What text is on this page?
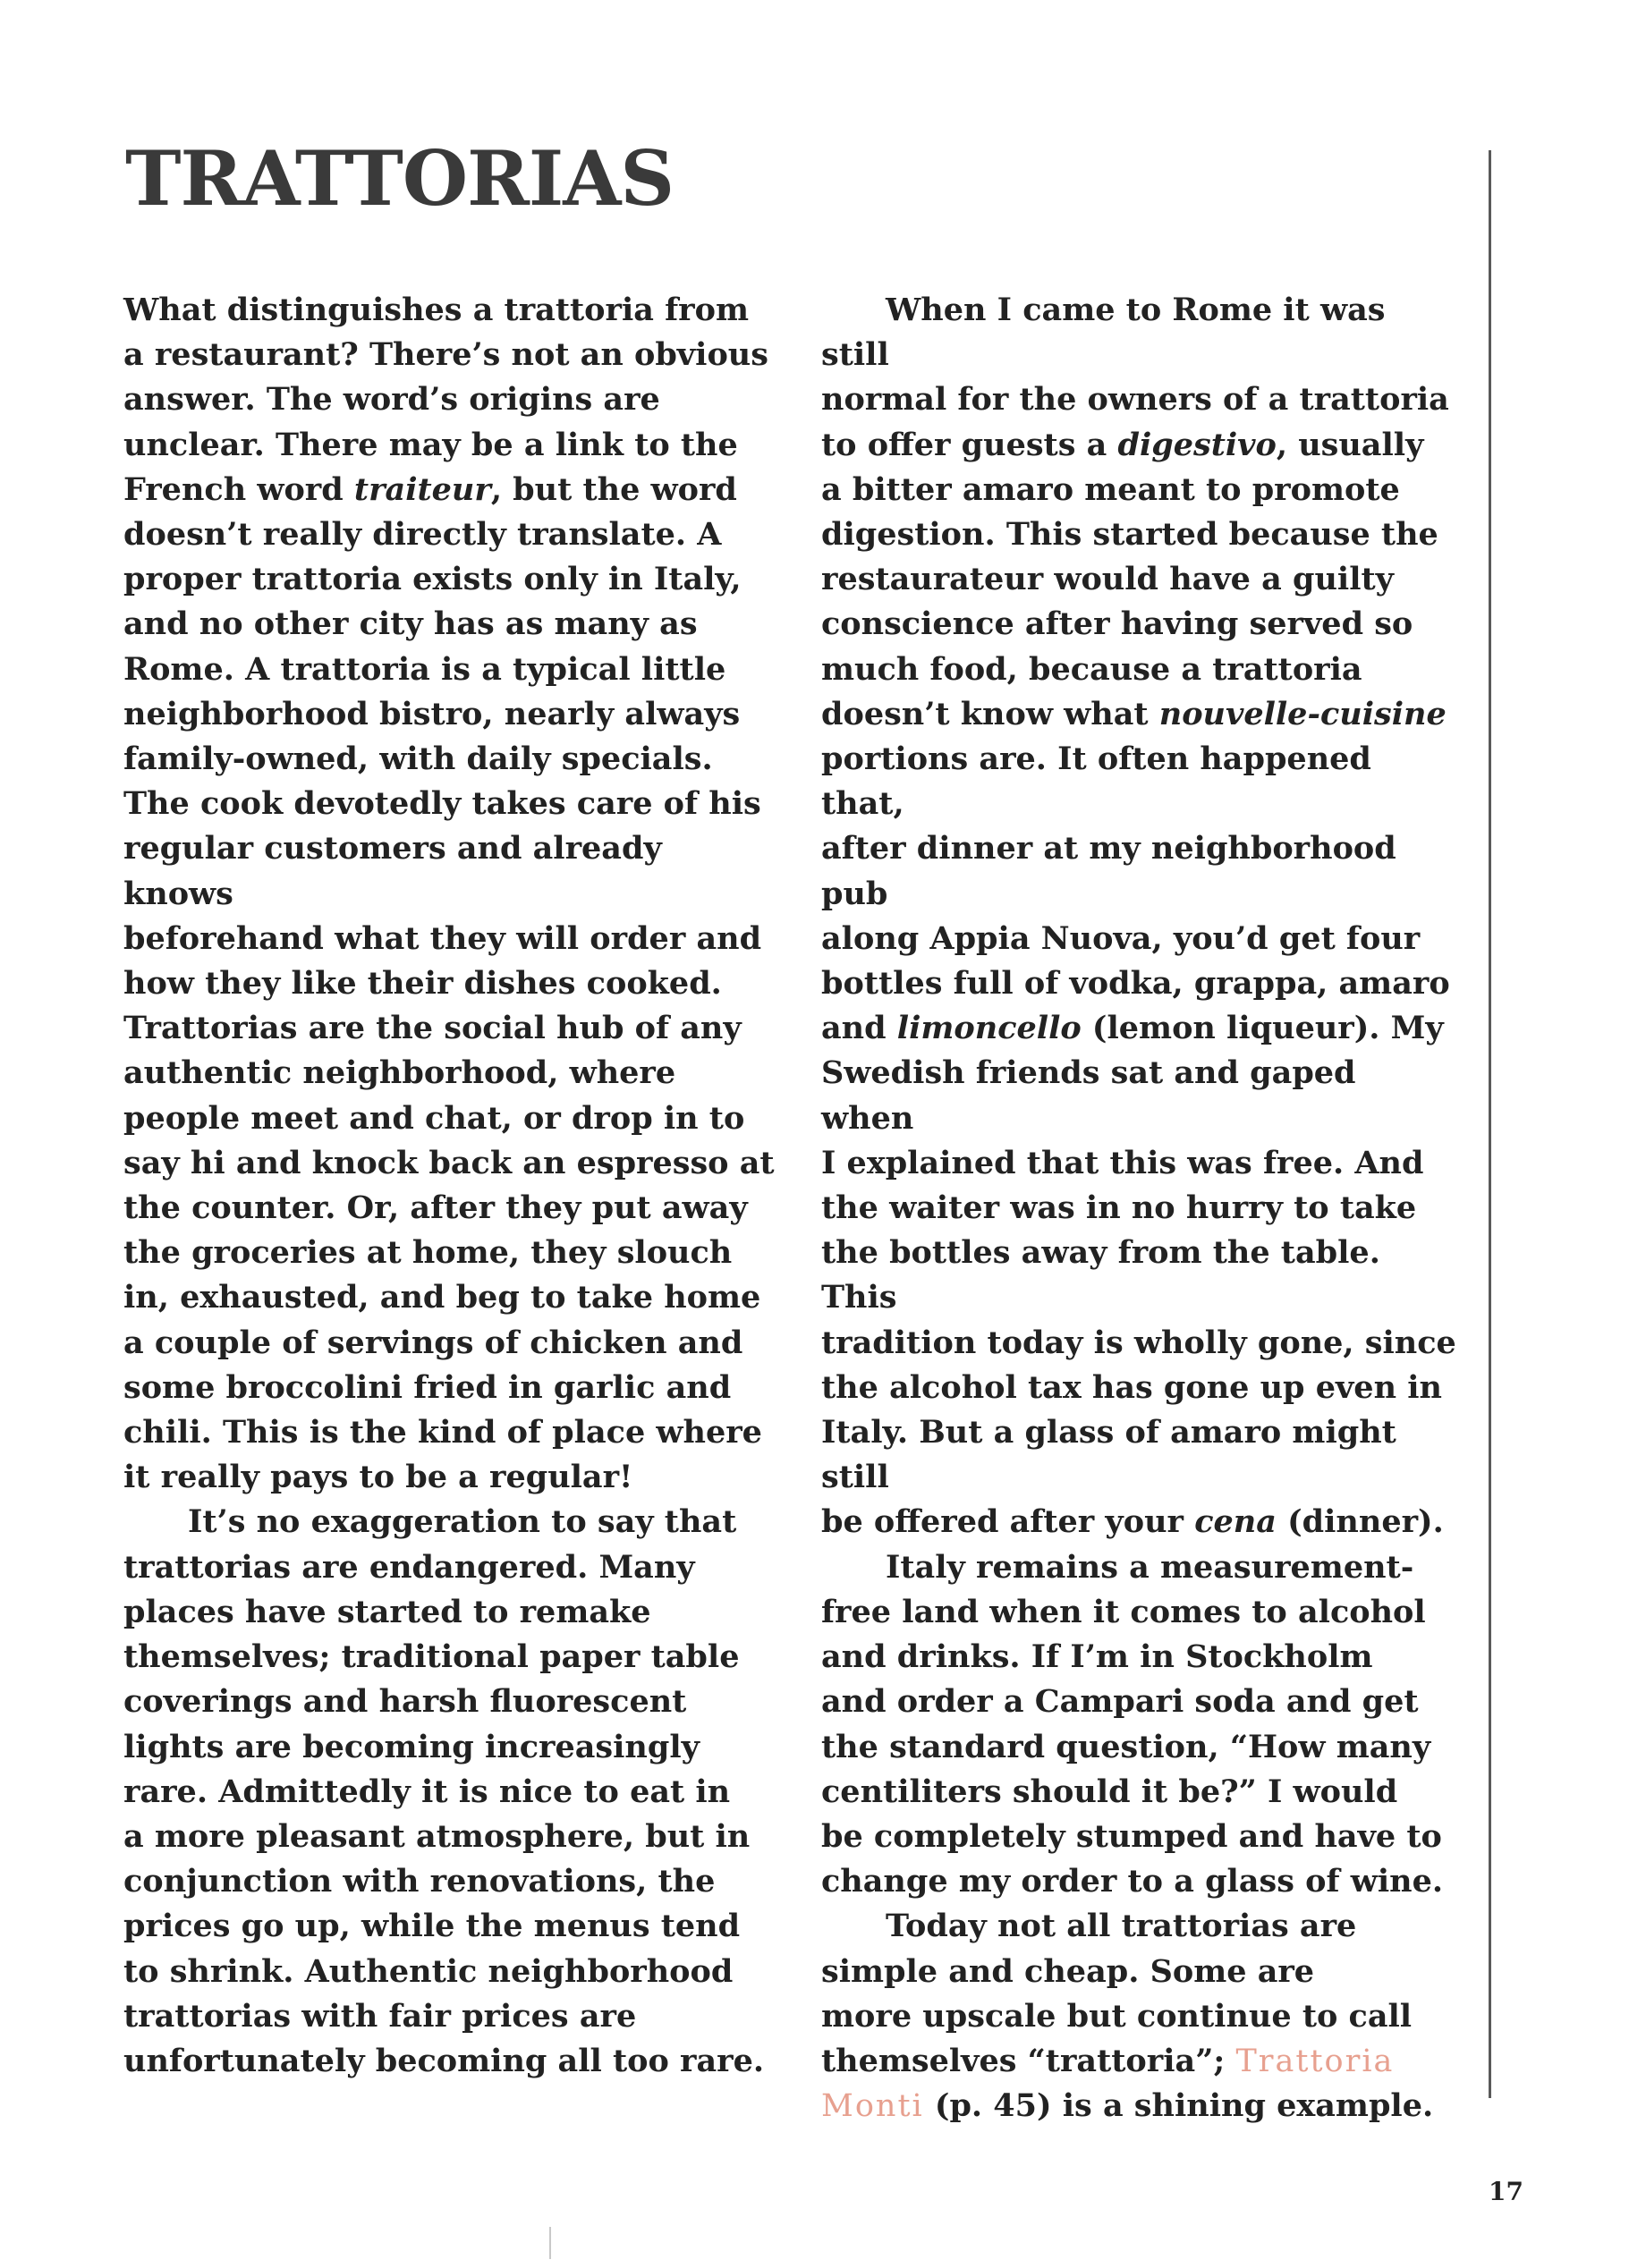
TRATTORIAS

What distinguishes a trattoria from
a restaurant? There’s not an obvious
answer. The word’s origins are
unclear. There may be a link to the
French word traiteur, but the word
doesn’t really directly translate. A
proper trattoria exists only in Italy,
and no other city has as many as
Rome. A trattoria is a typical little
neighborhood bistro, nearly always
family-owned, with daily specials.
The cook devotedly takes care of his
regular customers and already knows
beforehand what they will order and
how they like their dishes cooked.
Trattorias are the social hub of any
authentic neighborhood, where
people meet and chat, or drop in to
say hi and knock back an espresso at
the counter. Or, after they put away
the groceries at home, they slouch
in, exhausted, and beg to take home
a couple of servings of chicken and
some broccolini fried in garlic and
chili. This is the kind of place where
it really pays to be a regular!

It’s no exaggeration to say that
trattorias are endangered. Many
places have started to remake
themselves; traditional paper table
coverings and harsh fluorescent
lights are becoming increasingly
rare. Admittedly it is nice to eat in
a more pleasant atmosphere, but in
conjunction with renovations, the
prices go up, while the menus tend
to shrink. Authentic neighborhood
trattorias with fair prices are
unfortunately becoming all too rare.

When I came to Rome it was still
normal for the owners of a trattoria
to offer guests a digestivo, usually
a bitter amaro meant to promote
digestion. This started because the
restaurateur would have a guilty
conscience after having served so
much food, because a trattoria
doesn’t know what nouvelle-cuisine
portions are. It often happened that,
after dinner at my neighborhood pub
along Appia Nuova, you’d get four
bottles full of vodka, grappa, amaro
and limoncello (lemon liqueur). My
Swedish friends sat and gaped when
I explained that this was free. And
the waiter was in no hurry to take
the bottles away from the table. This
tradition today is wholly gone, since
the alcohol tax has gone up even in
Italy. But a glass of amaro might still
be offered after your cena (dinner).

Italy remains a measurement-
free land when it comes to alcohol
and drinks. If I’m in Stockholm
and order a Campari soda and get
the standard question, “How many
centiliters should it be?” I would
be completely stumped and have to
change my order to a glass of wine.

Today not all trattorias are
simple and cheap. Some are
more upscale but continue to call
themselves “trattoria”; Trattoria
Monti (p. 45) is a shining example.

17
